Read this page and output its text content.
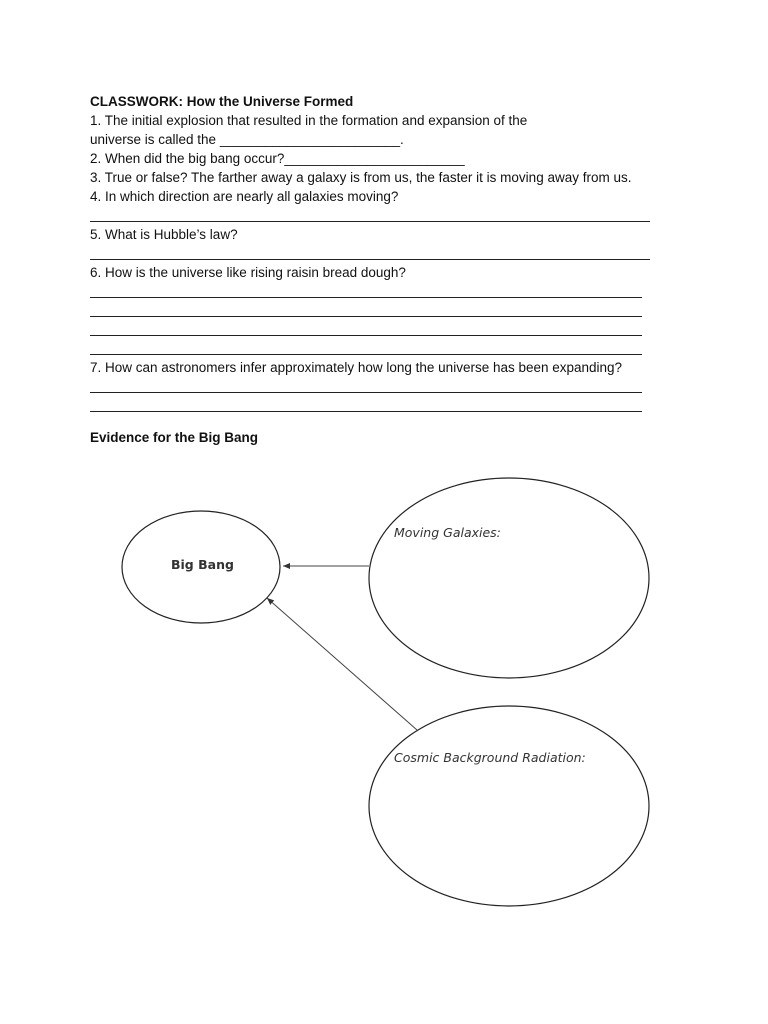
CLASSWORK: How the Universe Formed

1. The initial explosion that resulted in the formation and expansion of the

universe is called the ________________________.

2. When did the big bang occur?________________________

3. True or false? The farther away a galaxy is from us, the faster it is moving away from us.

4. In which direction are nearly all galaxies moving?

5. What is Hubble’s law?

6. How is the universe like rising raisin bread dough?

7. How can astronomers infer approximately how long the universe has been expanding?

Evidence for the Big Bang

Big Bang
Moving Galaxies:
Cosmic Background Radiation:
